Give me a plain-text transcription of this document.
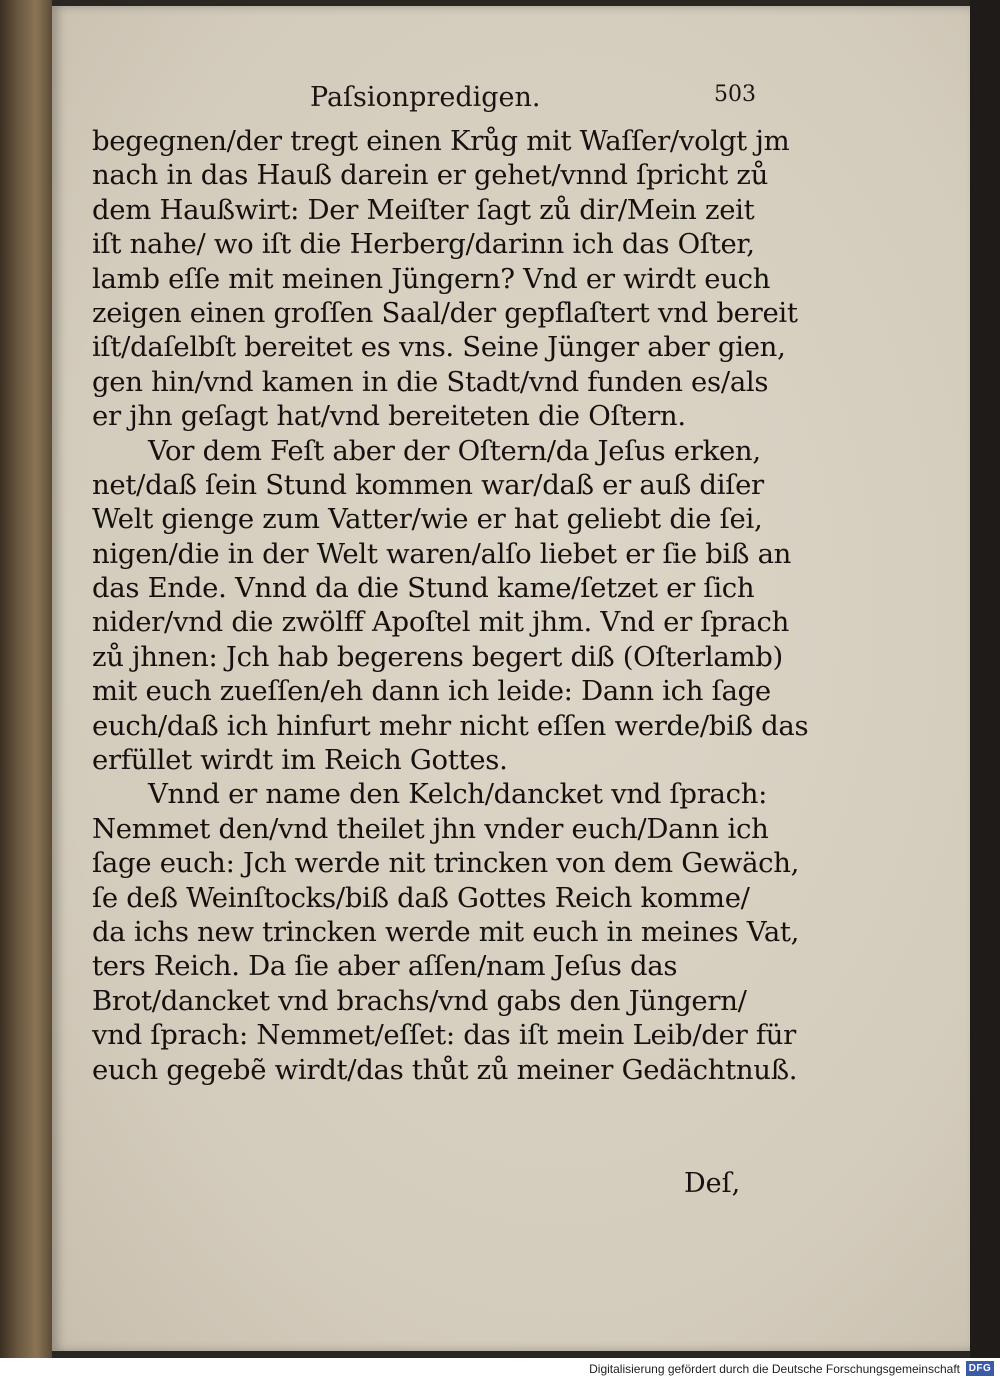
Paſsionpredigen.	503
begegnen/der tregt einen Krůg mit Waſſer/volgt jm
nach in das Hauß darein er gehet/vnnd ſpricht zů
dem Haußwirt: Der Meiſter ſagt zů dir/Mein zeit
iſt nahe/ wo iſt die Herberg/darinn ich das Oſter,
lamb eſſe mit meinen Jüngern? Vnd er wirdt euch
zeigen einen groſſen Saal/der gepflaſtert vnd bereit
iſt/daſelbſt bereitet es vns. Seine Jünger aber gien,
gen hin/vnd kamen in die Stadt/vnd funden es/als
er jhn geſagt hat/vnd bereiteten die Oſtern.
Vor dem Feſt aber der Oſtern/da Jeſus erken,
net/daß ſein Stund kommen war/daß er auß diſer
Welt gienge zum Vatter/wie er hat geliebt die ſei,
nigen/die in der Welt waren/alſo liebet er ſie biß an
das Ende. Vnnd da die Stund kame/ſetzet er ſich
nider/vnd die zwölff Apoſtel mit jhm. Vnd er ſprach
zů jhnen: Jch hab begerens begert diß (Oſterlamb)
mit euch zueſſen/eh dann ich leide: Dann ich ſage
euch/daß ich hinfurt mehr nicht eſſen werde/biß das
erfüllet wirdt im Reich Gottes.
Vnnd er name den Kelch/dancket vnd ſprach:
Nemmet den/vnd theilet jhn vnder euch/Dann ich
ſage euch: Jch werde nit trincken von dem Gewäch,
ſe deß Weinſtocks/biß daß Gottes Reich komme/
da ichs new trincken werde mit euch in meines Vat,
ters Reich. Da ſie aber aſſen/nam Jeſus das
Brot/dancket vnd brachs/vnd gabs den Jüngern/
vnd ſprach: Nemmet/eſſet: das iſt mein Leib/der für
euch gegebẽ wirdt/das thůt zů meiner Gedächtnuß.
Deſ,
Digitalisierung gefördert durch die Deutsche Forschungsgemeinschaft DFG
